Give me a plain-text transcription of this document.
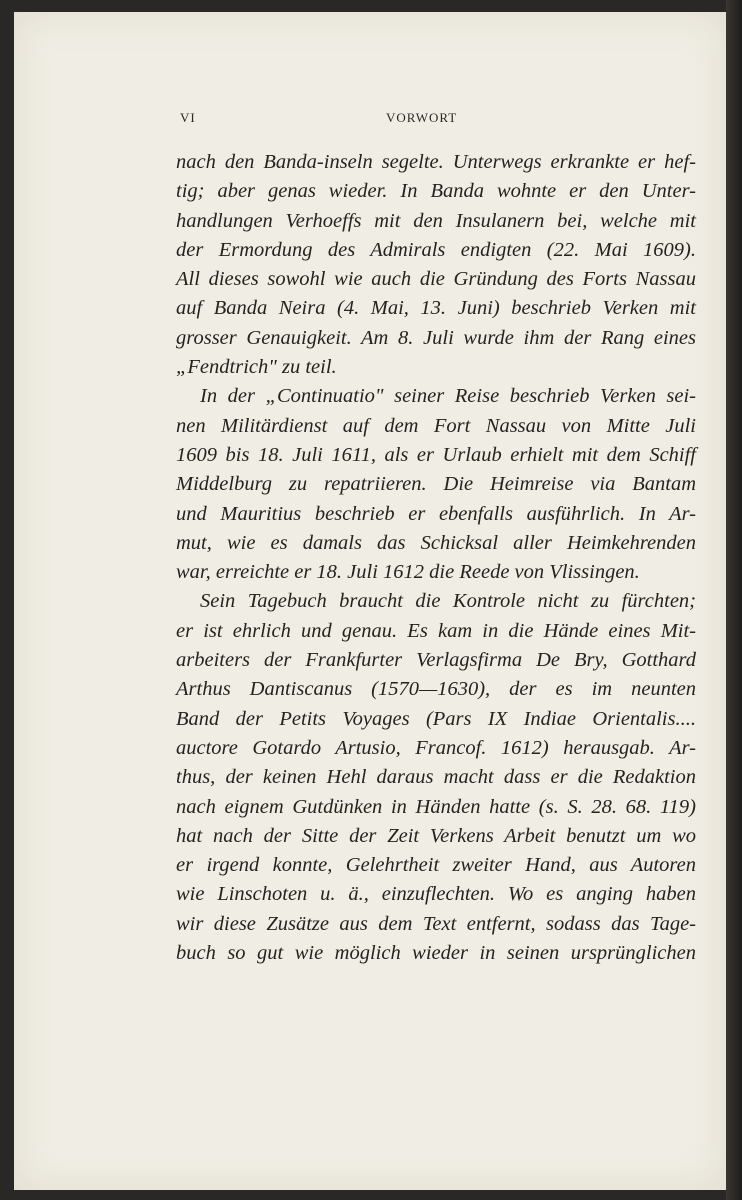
VI	VORWORT
nach den Banda-inseln segelte. Unterwegs erkrankte er hef-
tig; aber genas wieder. In Banda wohnte er den Unter-
handlungen Verhoeffs mit den Insulanern bei, welche mit
der Ermordung des Admirals endigten (22. Mai 1609).
All dieses sowohl wie auch die Gründung des Forts Nassau
auf Banda Neira (4. Mai, 13. Juni) beschrieb Verken mit
grosser Genauigkeit. Am 8. Juli wurde ihm der Rang eines
„Fendtrich" zu teil.
In der „Continuatio" seiner Reise beschrieb Verken sei-
nen Militärdienst auf dem Fort Nassau von Mitte Juli
1609 bis 18. Juli 1611, als er Urlaub erhielt mit dem Schiff
Middelburg zu repatriieren. Die Heimreise via Bantam
und Mauritius beschrieb er ebenfalls ausführlich. In Ar-
mut, wie es damals das Schicksal aller Heimkehrenden
war, erreichte er 18. Juli 1612 die Reede von Vlissingen.
Sein Tagebuch braucht die Kontrole nicht zu fürchten;
er ist ehrlich und genau. Es kam in die Hände eines Mit-
arbeiters der Frankfurter Verlagsfirma De Bry, Gotthard
Arthus Dantiscanus (1570—1630), der es im neunten
Band der Petits Voyages (Pars IX Indiae Orientalis....
auctore Gotardo Artusio, Francof. 1612) herausgab. Ar-
thus, der keinen Hehl daraus macht dass er die Redaktion
nach eignem Gutdünken in Händen hatte (s. S. 28. 68. 119)
hat nach der Sitte der Zeit Verkens Arbeit benutzt um wo
er irgend konnte, Gelehrtheit zweiter Hand, aus Autoren
wie Linschoten u. ä., einzuflechten. Wo es anging haben
wir diese Zusätze aus dem Text entfernt, sodass das Tage-
buch so gut wie möglich wieder in seinen ursprünglichen
